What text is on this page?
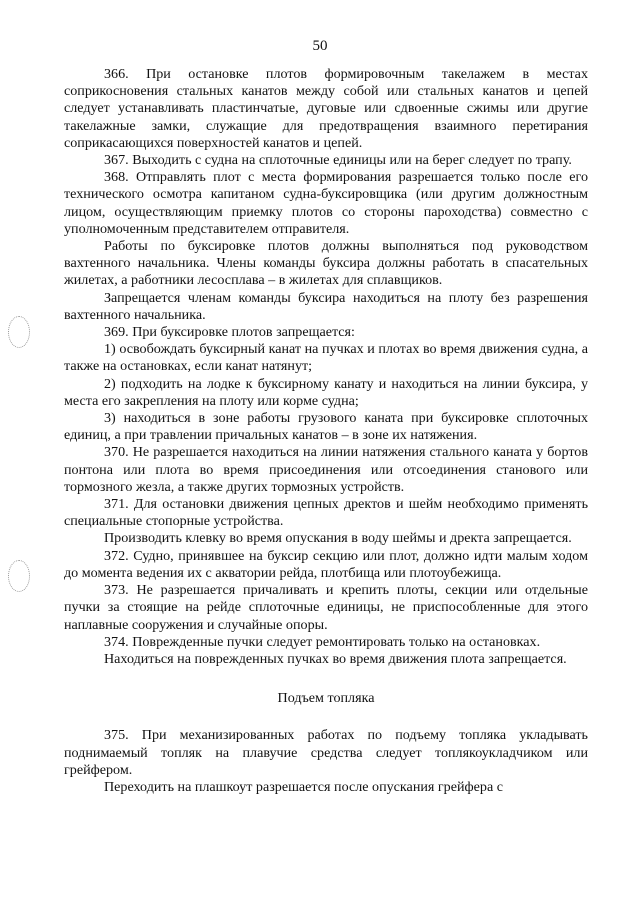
50

366. При остановке плотов формировочным такелажем в местах соприкосновения стальных канатов между собой или стальных канатов и цепей следует устанавливать пластинчатые, дуговые или сдвоенные сжимы или другие такелажные замки, служащие для предотвращения взаимного перетирания соприкасающихся поверхностей канатов и цепей.

367. Выходить с судна на сплоточные единицы или на берег следует по трапу.

368. Отправлять плот с места формирования разрешается только после его технического осмотра капитаном судна-буксировщика (или другим должностным лицом, осуществляющим приемку плотов со стороны пароходства) совместно с уполномоченным представителем отправителя.

Работы по буксировке плотов должны выполняться под руководством вахтенного начальника. Члены команды буксира должны работать в спасательных жилетах, а работники лесосплава – в жилетах для сплавщиков.

Запрещается членам команды буксира находиться на плоту без разрешения вахтенного начальника.

369. При буксировке плотов запрещается:

1) освобождать буксирный канат на пучках и плотах во время движения судна, а также на остановках, если канат натянут;

2) подходить на лодке к буксирному канату и находиться на линии буксира, у места его закрепления на плоту или корме судна;

3) находиться в зоне работы грузового каната при буксировке сплоточных единиц, а при травлении причальных канатов – в зоне их натяжения.

370. Не разрешается находиться на линии натяжения стального каната у бортов понтона или плота во время присоединения или отсоединения станового или тормозного жезла, а также других тормозных устройств.

371. Для остановки движения цепных дректов и шейм необходимо применять специальные стопорные устройства.

Производить клевку во время опускания в воду шеймы и дректа запрещается.

372. Судно, принявшее на буксир секцию или плот, должно идти малым ходом до момента ведения их с акватории рейда, плотбища или плотоубежища.

373. Не разрешается причаливать и крепить плоты, секции или отдельные пучки за стоящие на рейде сплоточные единицы, не приспособленные для этого наплавные сооружения и случайные опоры.

374. Поврежденные пучки следует ремонтировать только на остановках.

Находиться на поврежденных пучках во время движения плота запрещается.

Подъем топляка

375. При механизированных работах по подъему топляка укладывать поднимаемый топляк на плавучие средства следует топлякоукладчиком или грейфером.

Переходить на плашкоут разрешается после опускания грейфера с
